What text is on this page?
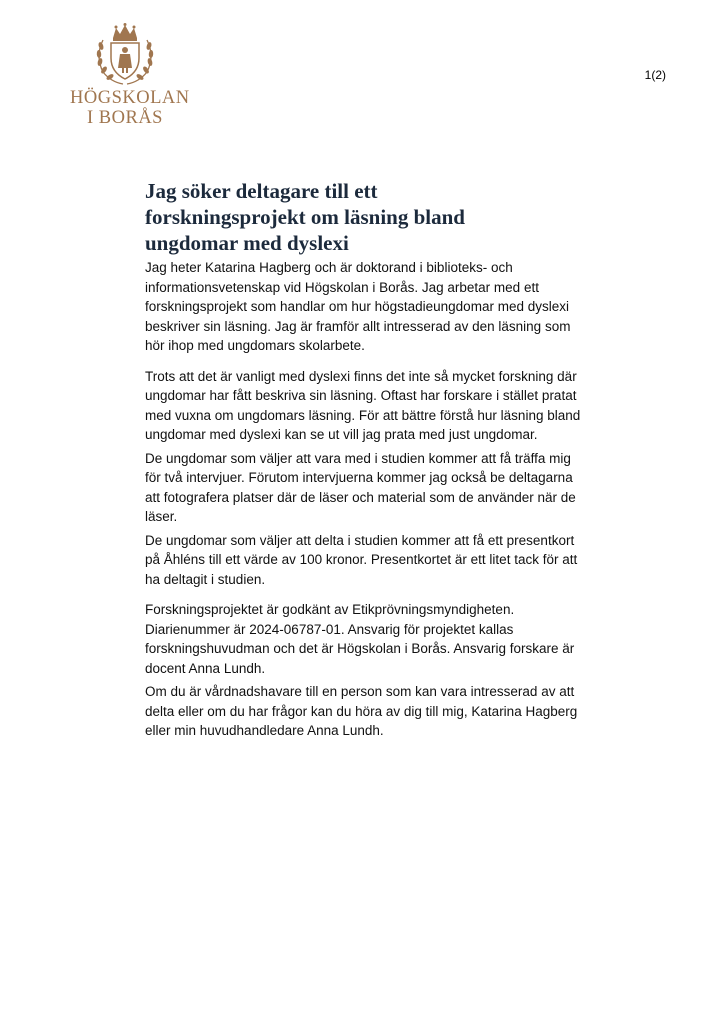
HÖGSKOLAN
I BORÅS
1(2)
Jag söker deltagare till ett forskningsprojekt om läsning bland ungdomar med dyslexi

Jag heter Katarina Hagberg och är doktorand i biblioteks- och informationsvetenskap vid Högskolan i Borås. Jag arbetar med ett forskningsprojekt som handlar om hur högstadieungdomar med dyslexi beskriver sin läsning. Jag är framför allt intresserad av den läsning som hör ihop med ungdomars skolarbete.

Trots att det är vanligt med dyslexi finns det inte så mycket forskning där ungdomar har fått beskriva sin läsning. Oftast har forskare i stället pratat med vuxna om ungdomars läsning. För att bättre förstå hur läsning bland ungdomar med dyslexi kan se ut vill jag prata med just ungdomar.

De ungdomar som väljer att vara med i studien kommer att få träffa mig för två intervjuer. Förutom intervjuerna kommer jag också be deltagarna att fotografera platser där de läser och material som de använder när de läser.

De ungdomar som väljer att delta i studien kommer att få ett presentkort på Åhléns till ett värde av 100 kronor. Presentkortet är ett litet tack för att ha deltagit i studien.

Forskningsprojektet är godkänt av Etikprövningsmyndigheten. Diarienummer är 2024-06787-01. Ansvarig för projektet kallas forskningshuvudman och det är Högskolan i Borås. Ansvarig forskare är docent Anna Lundh.

Om du är vårdnadshavare till en person som kan vara intresserad av att delta eller om du har frågor kan du höra av dig till mig, Katarina Hagberg eller min huvudhandledare Anna Lundh.
